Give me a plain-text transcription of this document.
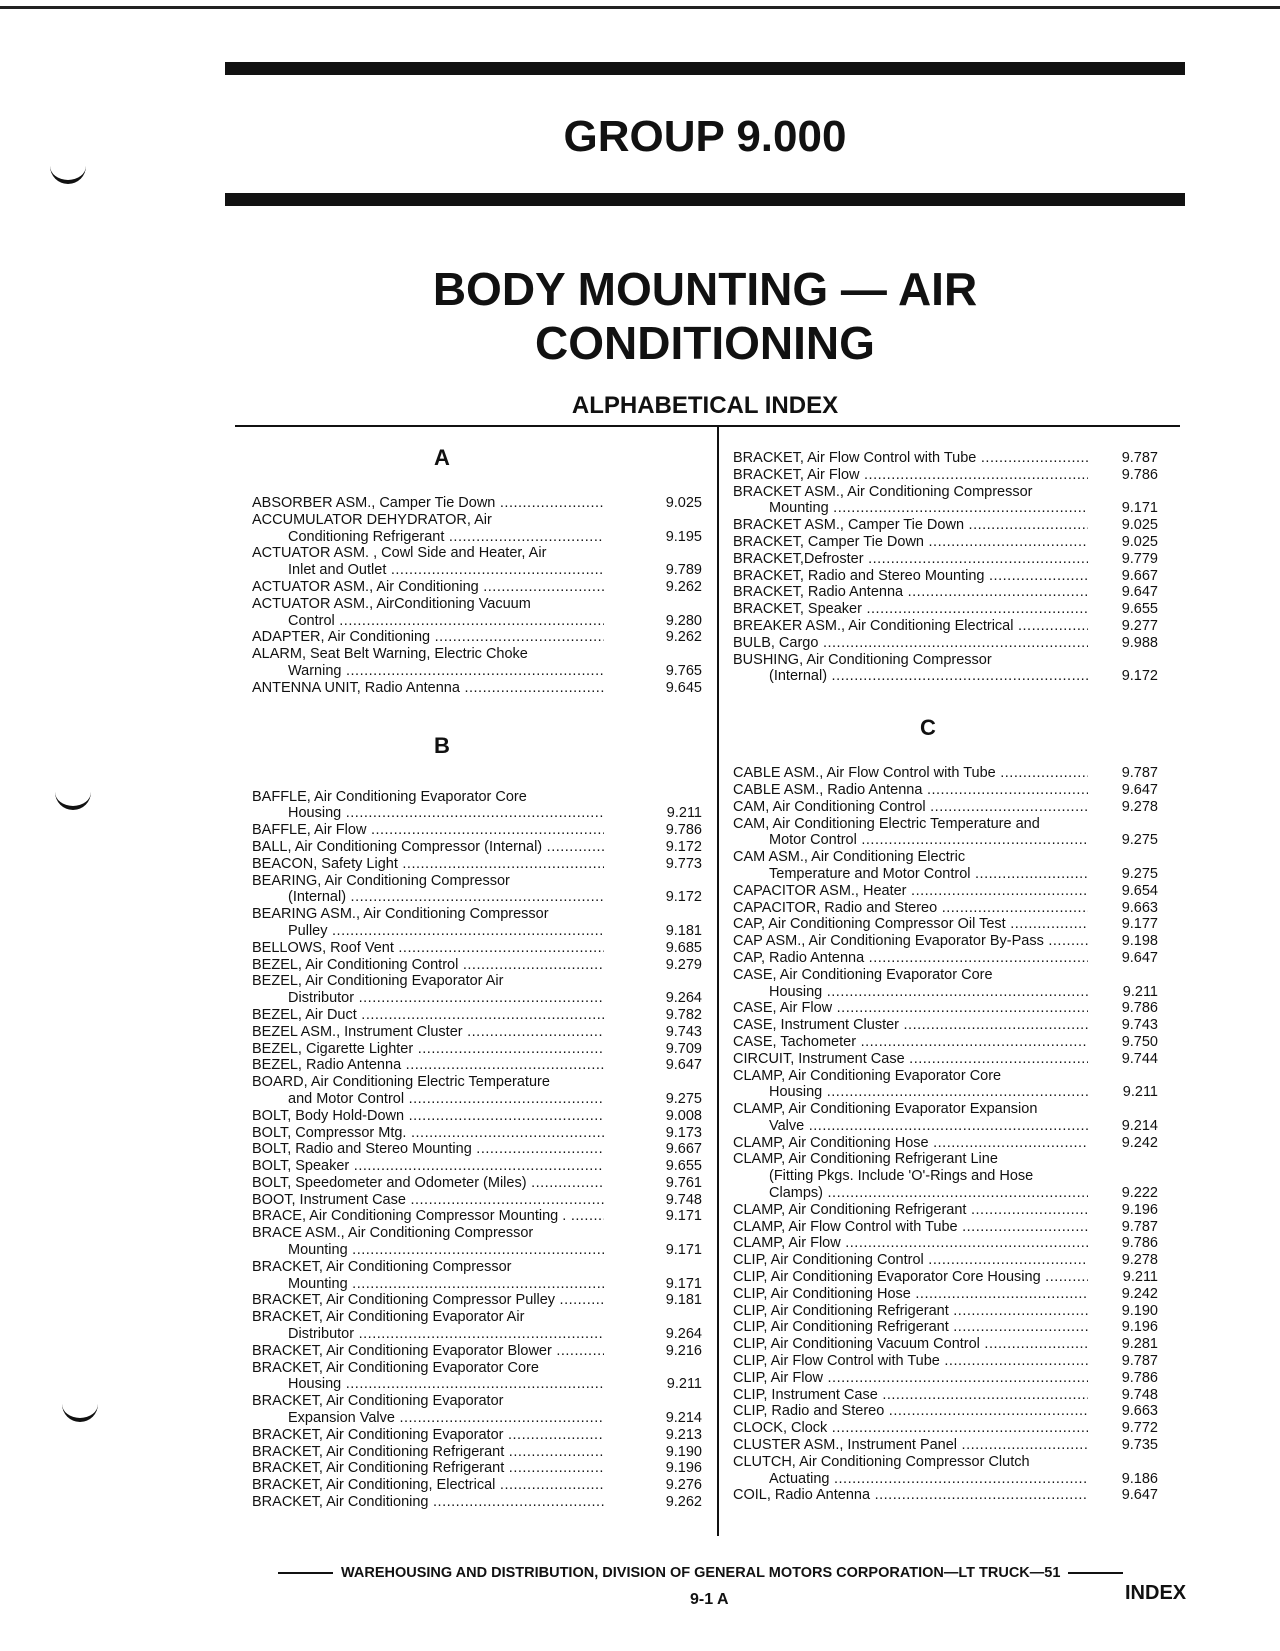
GROUP 9.000
BODY MOUNTING — AIR
CONDITIONING
ALPHABETICAL INDEX
A
ABSORBER ASM., Camper Tie Down .....	9.025
ACCUMULATOR DEHYDRATOR, Air
Conditioning Refrigerant .....	9.195
ACTUATOR ASM. , Cowl Side and Heater, Air
Inlet and Outlet .....	9.789
ACTUATOR ASM., Air Conditioning .....	9.262
ACTUATOR ASM., AirConditioning Vacuum
Control .....	9.280
ADAPTER, Air Conditioning .....	9.262
ALARM, Seat Belt Warning, Electric Choke
Warning .....	9.765
ANTENNA UNIT, Radio Antenna .....	9.645
B
BAFFLE, Air Conditioning Evaporator Core
Housing .....	9.211
BAFFLE, Air Flow .....	9.786
BALL, Air Conditioning Compressor (Internal) .....	9.172
BEACON, Safety Light .....	9.773
BEARING, Air Conditioning Compressor
(Internal) .....	9.172
BEARING ASM., Air Conditioning Compressor
Pulley .....	9.181
BELLOWS, Roof Vent .....	9.685
BEZEL, Air Conditioning Control .....	9.279
BEZEL, Air Conditioning Evaporator Air
Distributor .....	9.264
BEZEL, Air Duct .....	9.782
BEZEL ASM., Instrument Cluster .....	9.743
BEZEL, Cigarette Lighter .....	9.709
BEZEL, Radio Antenna .....	9.647
BOARD, Air Conditioning Electric Temperature
and Motor Control .....	9.275
BOLT, Body Hold-Down .....	9.008
BOLT, Compressor Mtg. .....	9.173
BOLT, Radio and Stereo Mounting .....	9.667
BOLT, Speaker .....	9.655
BOLT, Speedometer and Odometer (Miles) .....	9.761
BOOT, Instrument Case .....	9.748
BRACE, Air Conditioning Compressor Mounting . .....	9.171
BRACE ASM., Air Conditioning Compressor
Mounting .....	9.171
BRACKET, Air Conditioning Compressor
Mounting .....	9.171
BRACKET, Air Conditioning Compressor Pulley .....	9.181
BRACKET, Air Conditioning Evaporator Air
Distributor .....	9.264
BRACKET, Air Conditioning Evaporator Blower .....	9.216
BRACKET, Air Conditioning Evaporator Core
Housing .....	9.211
BRACKET, Air Conditioning Evaporator
Expansion Valve .....	9.214
BRACKET, Air Conditioning Evaporator .....	9.213
BRACKET, Air Conditioning Refrigerant .....	9.190
BRACKET, Air Conditioning Refrigerant .....	9.196
BRACKET, Air Conditioning, Electrical .....	9.276
BRACKET, Air Conditioning .....	9.262
BRACKET, Air Flow Control with Tube .....	9.787
BRACKET, Air Flow .....	9.786
BRACKET ASM., Air Conditioning Compressor
Mounting .....	9.171
BRACKET ASM., Camper Tie Down .....	9.025
BRACKET, Camper Tie Down .....	9.025
BRACKET,Defroster .....	9.779
BRACKET, Radio and Stereo Mounting .....	9.667
BRACKET, Radio Antenna .....	9.647
BRACKET, Speaker .....	9.655
BREAKER ASM., Air Conditioning Electrical .....	9.277
BULB, Cargo .....	9.988
BUSHING, Air Conditioning Compressor
(Internal) .....	9.172
C
CABLE ASM., Air Flow Control with Tube .....	9.787
CABLE ASM., Radio Antenna .....	9.647
CAM, Air Conditioning Control .....	9.278
CAM, Air Conditioning Electric Temperature and
Motor Control .....	9.275
CAM ASM., Air Conditioning Electric
Temperature and Motor Control .....	9.275
CAPACITOR ASM., Heater .....	9.654
CAPACITOR, Radio and Stereo .....	9.663
CAP, Air Conditioning Compressor Oil Test .....	9.177
CAP ASM., Air Conditioning Evaporator By-Pass .....	9.198
CAP, Radio Antenna .....	9.647
CASE, Air Conditioning Evaporator Core
Housing .....	9.211
CASE, Air Flow .....	9.786
CASE, Instrument Cluster .....	9.743
CASE, Tachometer .....	9.750
CIRCUIT, Instrument Case .....	9.744
CLAMP, Air Conditioning Evaporator Core
Housing .....	9.211
CLAMP, Air Conditioning Evaporator Expansion
Valve .....	9.214
CLAMP, Air Conditioning Hose .....	9.242
CLAMP, Air Conditioning Refrigerant Line
(Fitting Pkgs. Include 'O'-Rings and Hose
Clamps) .....	9.222
CLAMP, Air Conditioning Refrigerant .....	9.196
CLAMP, Air Flow Control with Tube .....	9.787
CLAMP, Air Flow .....	9.786
CLIP, Air Conditioning Control .....	9.278
CLIP, Air Conditioning Evaporator Core Housing .....	9.211
CLIP, Air Conditioning Hose .....	9.242
CLIP, Air Conditioning Refrigerant .....	9.190
CLIP, Air Conditioning Refrigerant .....	9.196
CLIP, Air Conditioning Vacuum Control .....	9.281
CLIP, Air Flow Control with Tube .....	9.787
CLIP, Air Flow .....	9.786
CLIP, Instrument Case .....	9.748
CLIP, Radio and Stereo .....	9.663
CLOCK, Clock .....	9.772
CLUSTER ASM., Instrument Panel .....	9.735
CLUTCH, Air Conditioning Compressor Clutch
Actuating .....	9.186
COIL, Radio Antenna .....	9.647
WAREHOUSING AND DISTRIBUTION, DIVISION OF GENERAL MOTORS CORPORATION—LT TRUCK—51
9-1 A	INDEX
